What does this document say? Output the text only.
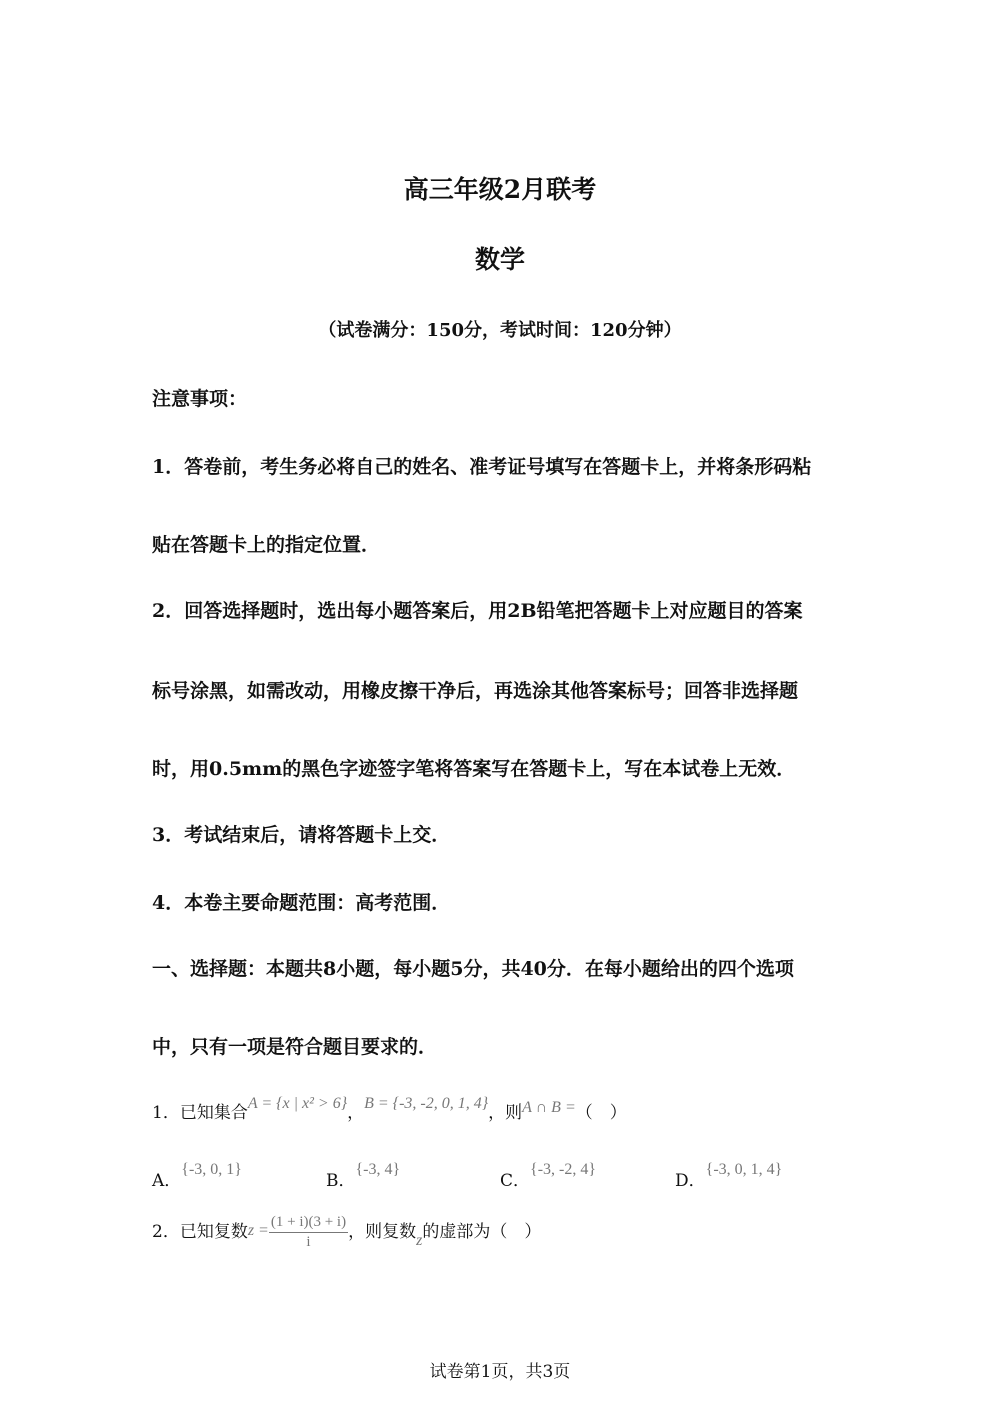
高三年级2月联考
数学
（试卷满分：150分，考试时间：120分钟）
注意事项：
1．答卷前，考生务必将自己的姓名、准考证号填写在答题卡上，并将条形码粘
贴在答题卡上的指定位置．
2．回答选择题时，选出每小题答案后，用2B铅笔把答题卡上对应题目的答案
标号涂黑，如需改动，用橡皮擦干净后，再选涂其他答案标号；回答非选择题
时，用0.5mm的黑色字迹签字笔将答案写在答题卡上，写在本试卷上无效．
3．考试结束后，请将答题卡上交．
4．本卷主要命题范围：高考范围．
一、选择题：本题共8小题，每小题5分，共40分．在每小题给出的四个选项
中，只有一项是符合题目要求的．
1．已知集合A = {x | x² > 6}，B = {-3, -2, 0, 1, 4}，则A ∩ B =（　）
A．{-3, 0, 1}
B．{-3, 4}
C．{-3, -2, 4}
D．{-3, 0, 1, 4}
2．已知复数$z = \frac{(1 + i)(3 + i)}{i}$ ，则复数z的虚部为（　）
试卷第1页，共3页
